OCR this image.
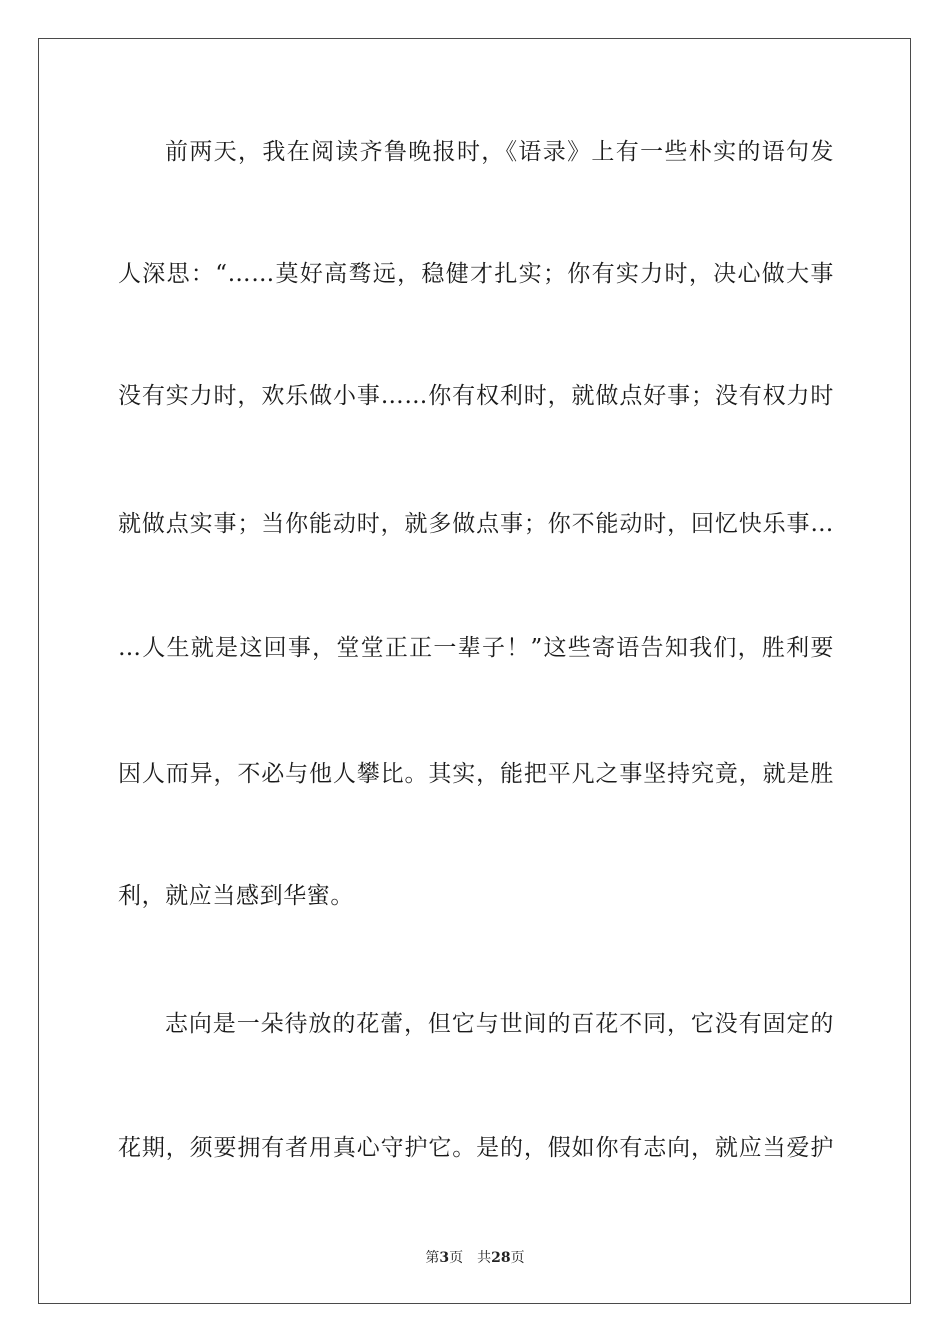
前两天，我在阅读齐鲁晚报时，《语录》上有一些朴实的语句发
人深思：“……莫好高骛远，稳健才扎实；你有实力时，决心做大事
没有实力时，欢乐做小事……你有权利时，就做点好事；没有权力时
就做点实事；当你能动时，就多做点事；你不能动时，回忆快乐事…
…人生就是这回事，堂堂正正一辈子！”这些寄语告知我们，胜利要
因人而异，不必与他人攀比。其实，能把平凡之事坚持究竟，就是胜
利，就应当感到华蜜。
志向是一朵待放的花蕾，但它与世间的百花不同，它没有固定的
花期，须要拥有者用真心守护它。是的，假如你有志向，就应当爱护
第3页 共28页
